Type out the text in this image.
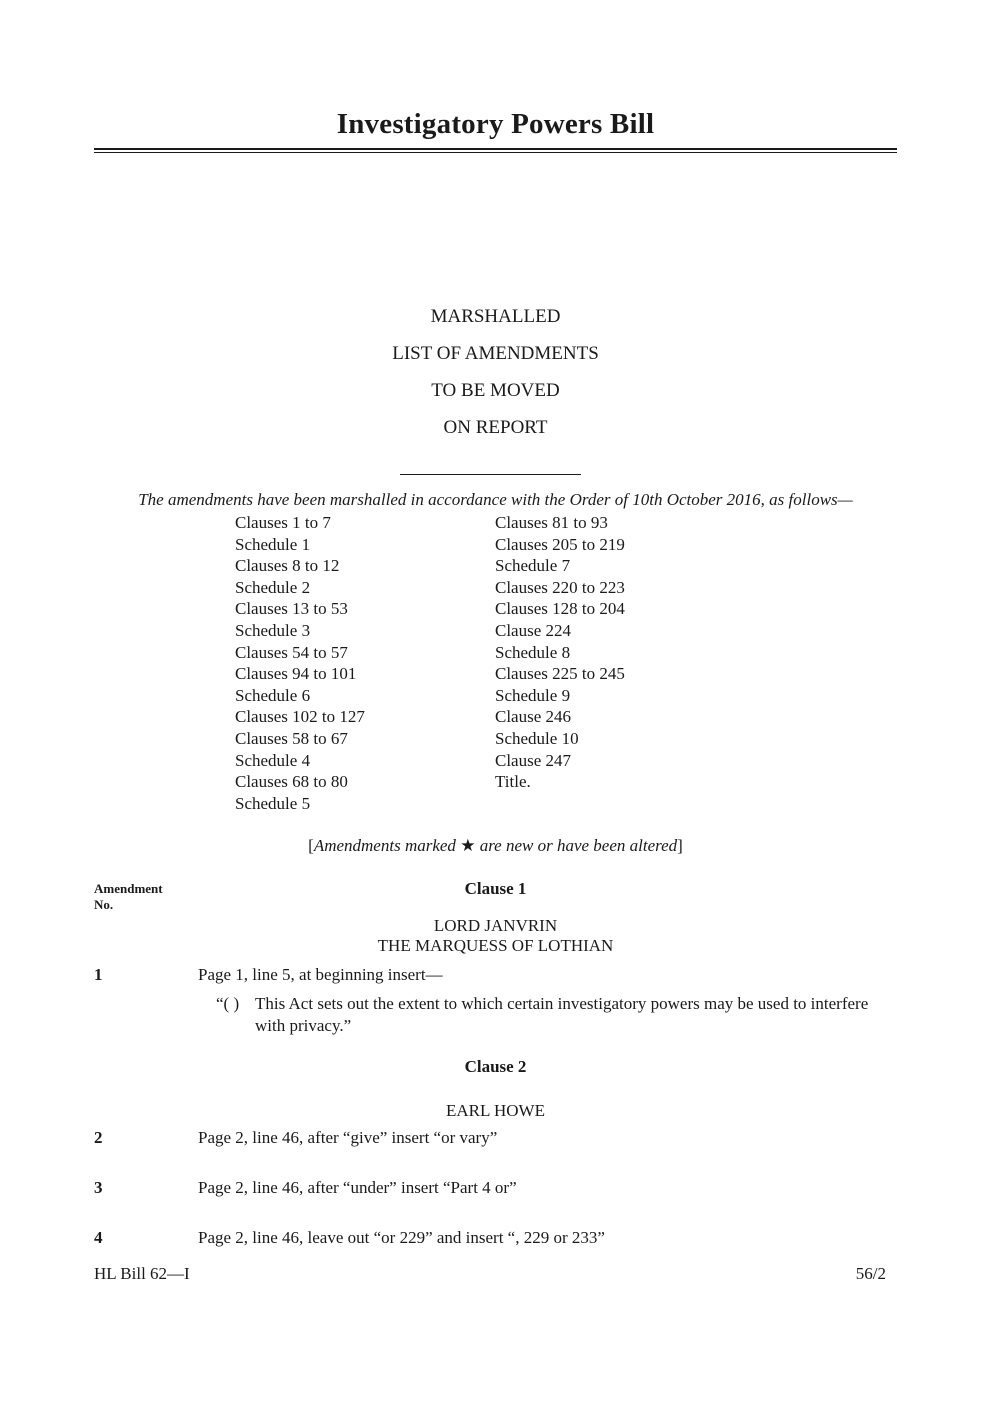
Investigatory Powers Bill
MARSHALLED
LIST OF AMENDMENTS
TO BE MOVED
ON REPORT
The amendments have been marshalled in accordance with the Order of 10th October 2016, as follows—
Clauses 1 to 7
Schedule 1
Clauses 8 to 12
Schedule 2
Clauses 13 to 53
Schedule 3
Clauses 54 to 57
Clauses 94 to 101
Schedule 6
Clauses 102 to 127
Clauses 58 to 67
Schedule 4
Clauses 68 to 80
Schedule 5
Clauses 81 to 93
Clauses 205 to 219
Schedule 7
Clauses 220 to 223
Clauses 128 to 204
Clause 224
Schedule 8
Clauses 225 to 245
Schedule 9
Clause 246
Schedule 10
Clause 247
Title.
[Amendments marked ★ are new or have been altered]
Amendment
No.
Clause 1
LORD JANVRIN
THE MARQUESS OF LOTHIAN
1	Page 1, line 5, at beginning insert—
“( ) This Act sets out the extent to which certain investigatory powers may be used to interfere with privacy.”
Clause 2
EARL HOWE
2	Page 2, line 46, after “give” insert “or vary”
3	Page 2, line 46, after “under” insert “Part 4 or”
4	Page 2, line 46, leave out “or 229” and insert “, 229 or 233”
HL Bill 62—I	56/2
